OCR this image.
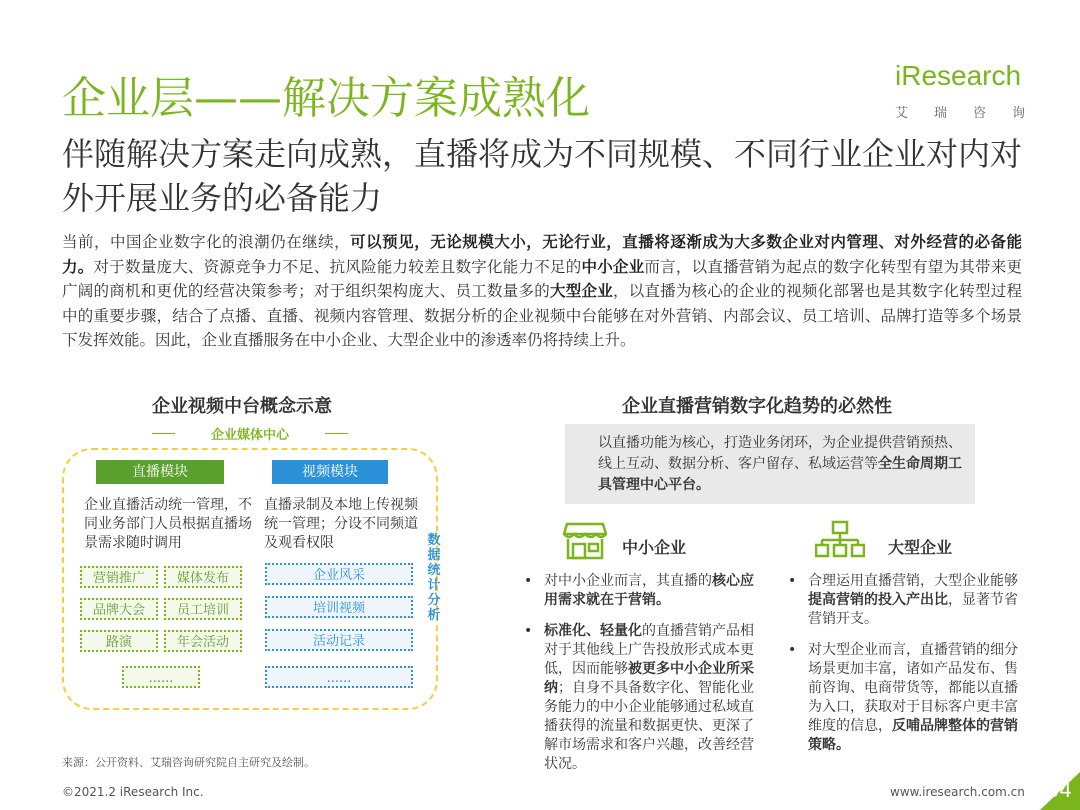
企业层——解决方案成熟化	iResearch
艾 瑞 咨 询
伴随解决方案走向成熟，直播将成为不同规模、不同行业企业对内对外开展业务的必备能力
当前，中国企业数字化的浪潮仍在继续，可以预见，无论规模大小，无论行业，直播将逐渐成为大多数企业对内管理、对外经营的必备能力。对于数量庞大、资源竞争力不足、抗风险能力较差且数字化能力不足的中小企业而言，以直播营销为起点的数字化转型有望为其带来更广阔的商机和更优的经营决策参考；对于组织架构庞大、员工数量多的大型企业，以直播为核心的企业的视频化部署也是其数字化转型过程中的重要步骤，结合了点播、直播、视频内容管理、数据分析的企业视频中台能够在对外营销、内部会议、员工培训、品牌打造等多个场景下发挥效能。因此，企业直播服务在中小企业、大型企业中的渗透率仍将持续上升。
企业视频中台概念示意
企业媒体中心
直播模块	视频模块
企业直播活动统一管理，不同业务部门人员根据直播场景需求随时调用
直播录制及本地上传视频统一管理；分设不同频道及观看权限
营销推广	媒体发布
品牌大会	员工培训
路演	年会活动
......
企业风采
培训视频
活动记录
......
数据统计分析
企业直播营销数字化趋势的必然性
以直播功能为核心，打造业务闭环，为企业提供营销预热、线上互动、数据分析、客户留存、私域运营等全生命周期工具管理中心平台。
中小企业	大型企业
• 对中小企业而言，其直播的核心应用需求就在于营销。
• 标准化、轻量化的直播营销产品相对于其他线上广告投放形式成本更低，因而能够被更多中小企业所采纳；自身不具备数字化、智能化业务能力的中小企业能够通过私域直播获得的流量和数据更快、更深了解市场需求和客户兴趣，改善经营状况。
• 合理运用直播营销，大型企业能够提高营销的投入产出比，显著节省营销开支。
• 对大型企业而言，直播营销的细分场景更加丰富，诸如产品发布、售前咨询、电商带货等，都能以直播为入口，获取对于目标客户更丰富维度的信息，反哺品牌整体的营销策略。
来源：公开资料、艾瑞咨询研究院自主研究及绘制。
©2021.2 iResearch Inc.	www.iresearch.com.cn 34
